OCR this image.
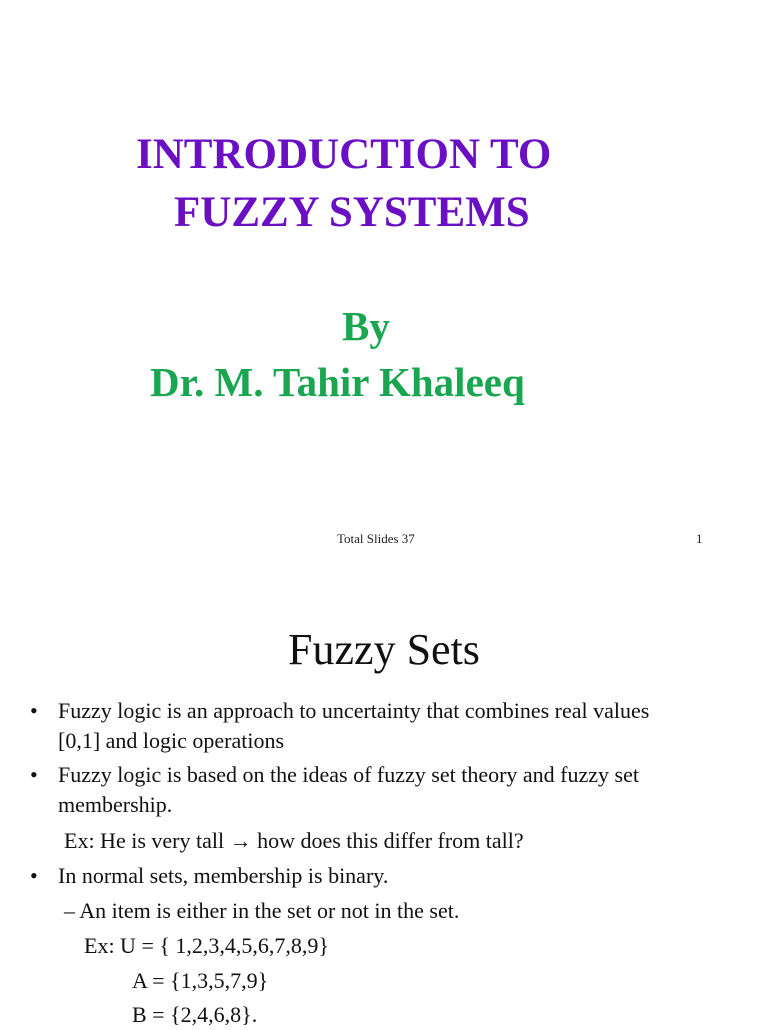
INTRODUCTION TO
FUZZY SYSTEMS
By
Dr. M. Tahir Khaleeq
Total Slides 37	1
Fuzzy Sets
• Fuzzy logic is an approach to uncertainty that combines real values
[0,1] and logic operations
• Fuzzy logic is based on the ideas of fuzzy set theory and fuzzy set
membership.
Ex: He is very tall → how does this differ from tall?
• In normal sets, membership is binary.
– An item is either in the set or not in the set.
Ex: U = { 1,2,3,4,5,6,7,8,9}
A = {1,3,5,7,9}
B = {2,4,6,8}.
